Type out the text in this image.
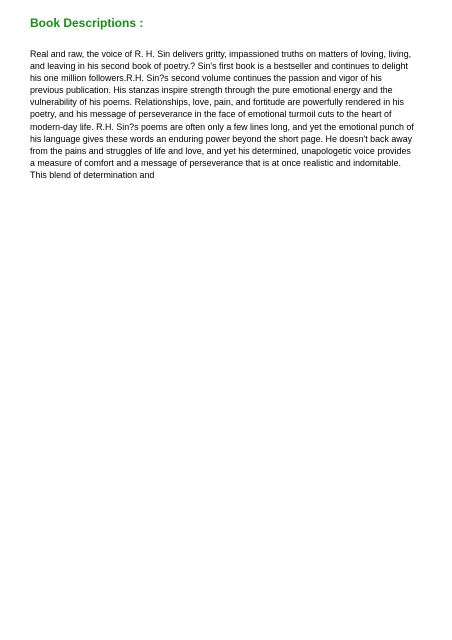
Book Descriptions :

Real and raw, the voice of R. H. Sin delivers gritty, impassioned truths on matters of loving, living,
and leaving in his second book of poetry.? Sin's first book is a bestseller and continues to delight
his one million followers.R.H. Sin?s second volume continues the passion and vigor of his
previous publication. His stanzas inspire strength through the pure emotional energy and the
vulnerability of his poems. Relationships, love, pain, and fortitude are powerfully rendered in his
poetry, and his message of perseverance in the face of emotional turmoil cuts to the heart of
modern-day life. R.H. Sin?s poems are often only a few lines long, and yet the emotional punch of
his language gives these words an enduring power beyond the short page. He doesn't back away
from the pains and struggles of life and love, and yet his determined, unapologetic voice provides
a measure of comfort and a message of perseverance that is at once realistic and indomitable.
This blend of determination and
